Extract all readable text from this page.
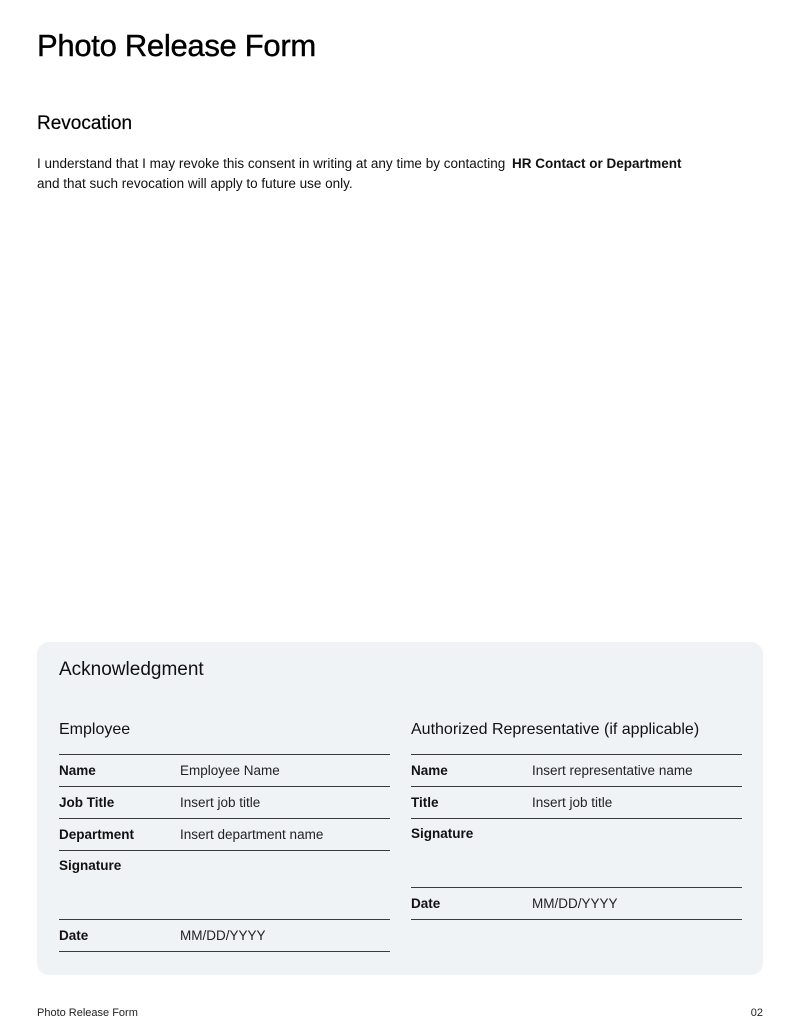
Photo Release Form
Revocation

I understand that I may revoke this consent in writing at any time by contacting HR Contact or Department
and that such revocation will apply to future use only.

Acknowledgment
Employee
Name	Employee Name
Job Title	Insert job title
Department	Insert department name
Signature
Date	MM/DD/YYYY
Authorized Representative (if applicable)
Name	Insert representative name
Title	Insert job title
Signature
Date	MM/DD/YYYY
Photo Release Form	02
